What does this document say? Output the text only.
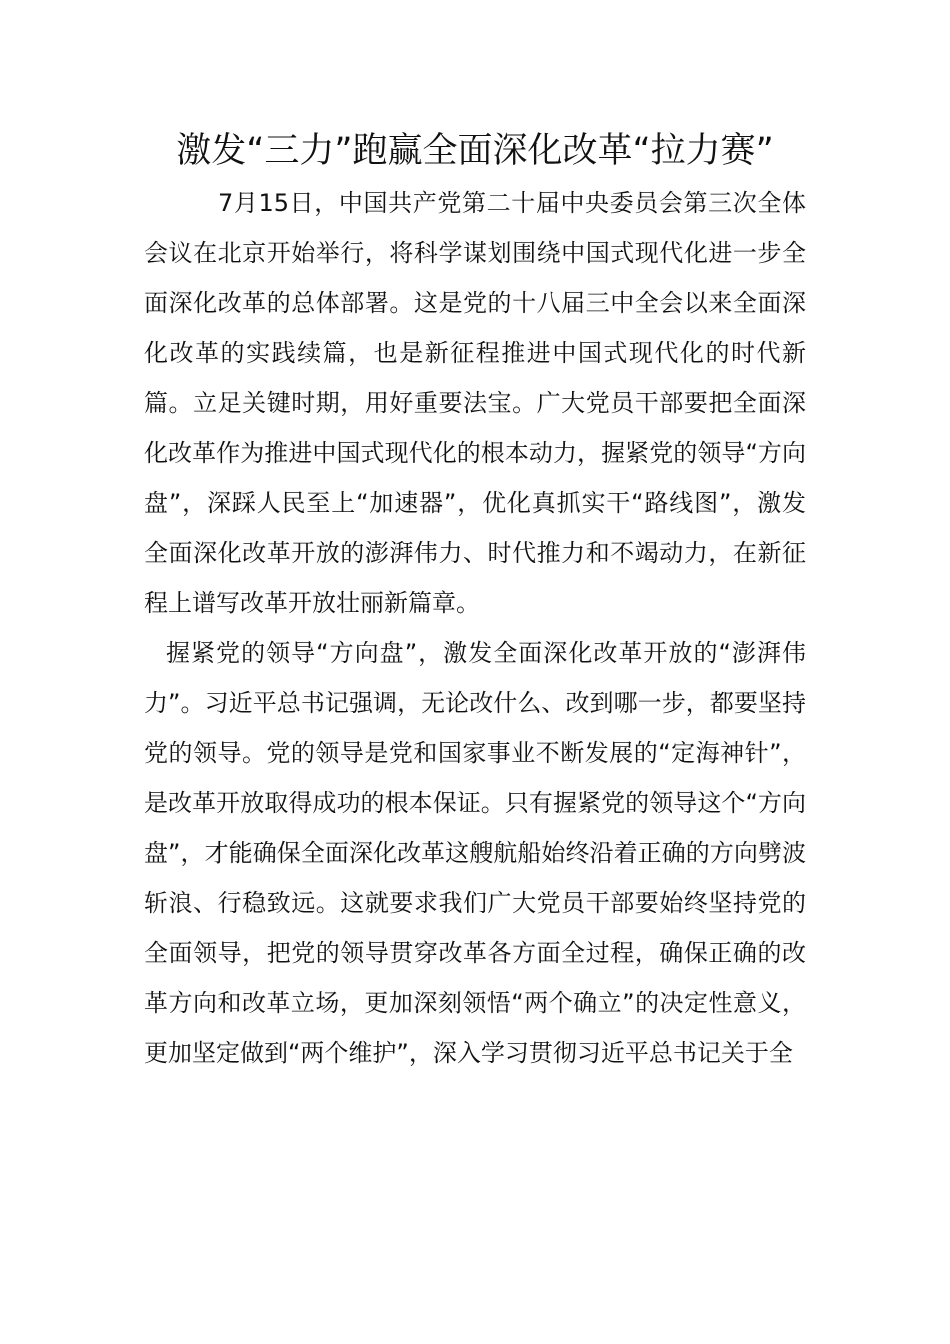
激发“三力”跑赢全面深化改革“拉力赛”

7月15日，中国共产党第二十届中央委员会第三次全体会议在北京开始举行，将科学谋划围绕中国式现代化进一步全面深化改革的总体部署。这是党的十八届三中全会以来全面深化改革的实践续篇，也是新征程推进中国式现代化的时代新篇。立足关键时期，用好重要法宝。广大党员干部要把全面深化改革作为推进中国式现代化的根本动力，握紧党的领导“方向盘”，深踩人民至上“加速器”，优化真抓实干“路线图”，激发全面深化改革开放的澎湃伟力、时代推力和不竭动力，在新征程上谱写改革开放壮丽新篇章。

握紧党的领导“方向盘”，激发全面深化改革开放的“澎湃伟力”。习近平总书记强调，无论改什么、改到哪一步，都要坚持党的领导。党的领导是党和国家事业不断发展的“定海神针”，是改革开放取得成功的根本保证。只有握紧党的领导这个“方向盘”，才能确保全面深化改革这艘航船始终沿着正确的方向劈波斩浪、行稳致远。这就要求我们广大党员干部要始终坚持党的全面领导，把党的领导贯穿改革各方面全过程，确保正确的改革方向和改革立场，更加深刻领悟“两个确立”的决定性意义，更加坚定做到“两个维护”，深入学习贯彻习近平总书记关于全
